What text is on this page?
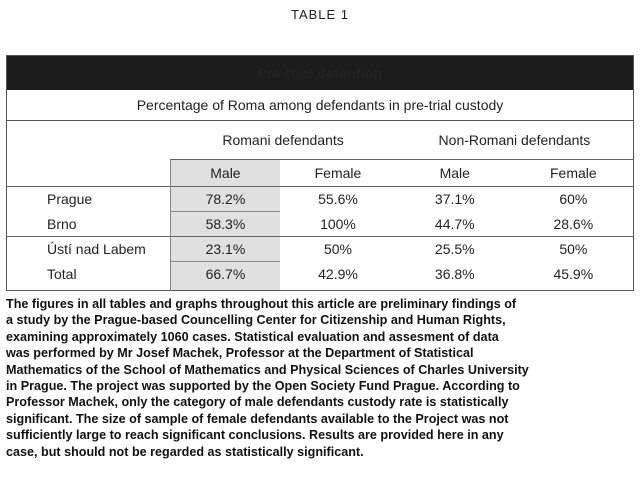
TABLE 1
Pre-trial detention				
Percentage of Roma among defendants in pre-trial custody				
	Romani defendants		Non-Romani defendants	
	Male	Female	Male	Female
Prague	78.2%	55.6%	37.1%	60%
Brno	58.3%	100%	44.7%	28.6%
Ústí nad Labem	23.1%	50%	25.5%	50%
Total	66.7%	42.9%	36.8%	45.9%

The figures in all tables and graphs throughout this article are preliminary findings of
a study by the Prague-based Councelling Center for Citizenship and Human Rights,
examining approximately 1060 cases. Statistical evaluation and assesment of data
was performed by Mr Josef Machek, Professor at the Department of Statistical
Mathematics of the School of Mathematics and Physical Sciences of Charles University
in Prague. The project was supported by the Open Society Fund Prague. According to
Professor Machek, only the category of male defendants custody rate is statistically
significant. The size of sample of female defendants available to the Project was not
sufficiently large to reach significant conclusions. Results are provided here in any
case, but should not be regarded as statistically significant.
